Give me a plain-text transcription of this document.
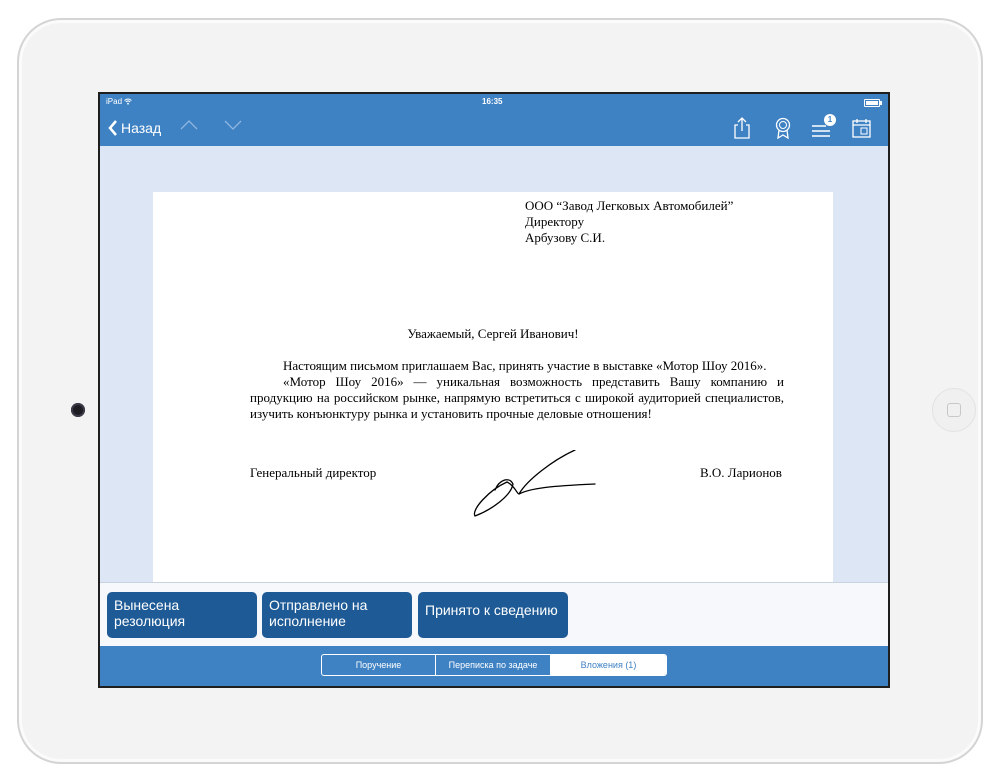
iPad	16:35
Назад
1
ООО “Завод Легковых Автомобилей”
Директору
Арбузову С.И.
Уважаемый, Сергей Иванович!

Настоящим письмом приглашаем Вас, принять участие в выставке «Мотор Шоу 2016».

«Мотор Шоу 2016» — уникальная возможность представить Вашу компанию и продукцию на российском рынке, напрямую встретиться с широкой аудиторией специалистов, изучить конъюнктуру рынка и установить прочные деловые отношения!

Генеральный директор	В.О. Ларионов
Вынесена резолюция
Отправлено на исполнение
Принято к сведению
Поручение	Переписка по задаче	Вложения (1)
